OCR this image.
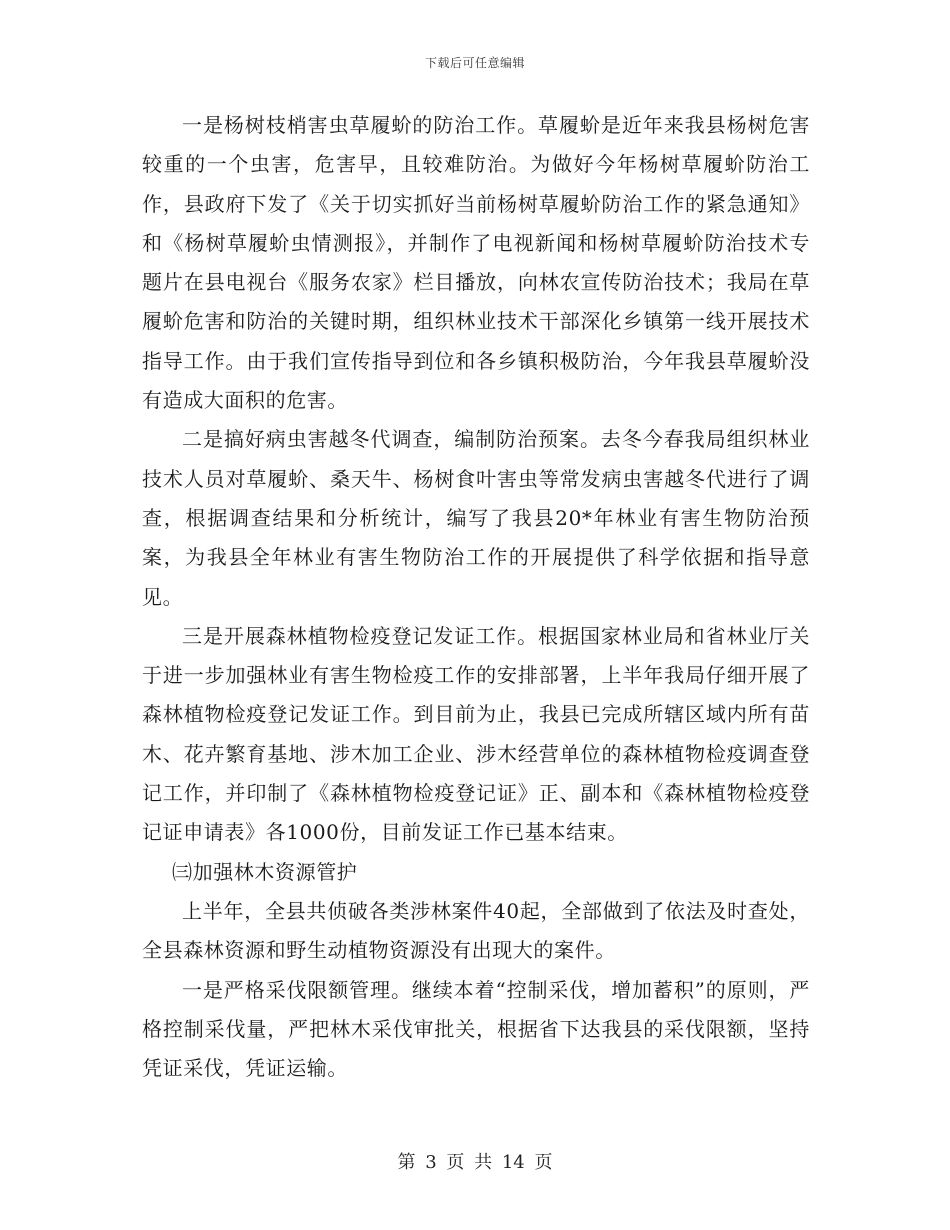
下载后可任意编辑

一是杨树枝梢害虫草履蚧的防治工作。草履蚧是近年来我县杨树危害较重的一个虫害，危害早，且较难防治。为做好今年杨树草履蚧防治工作，县政府下发了《关于切实抓好当前杨树草履蚧防治工作的紧急通知》和《杨树草履蚧虫情测报》，并制作了电视新闻和杨树草履蚧防治技术专题片在县电视台《服务农家》栏目播放，向林农宣传防治技术；我局在草履蚧危害和防治的关键时期，组织林业技术干部深化乡镇第一线开展技术指导工作。由于我们宣传指导到位和各乡镇积极防治，今年我县草履蚧没有造成大面积的危害。

二是搞好病虫害越冬代调查，编制防治预案。去冬今春我局组织林业技术人员对草履蚧、桑天牛、杨树食叶害虫等常发病虫害越冬代进行了调查，根据调查结果和分析统计，编写了我县20*年林业有害生物防治预案，为我县全年林业有害生物防治工作的开展提供了科学依据和指导意见。

三是开展森林植物检疫登记发证工作。根据国家林业局和省林业厅关于进一步加强林业有害生物检疫工作的安排部署，上半年我局仔细开展了森林植物检疫登记发证工作。到目前为止，我县已完成所辖区域内所有苗木、花卉繁育基地、涉木加工企业、涉木经营单位的森林植物检疫调查登记工作，并印制了《森林植物检疫登记证》正、副本和《森林植物检疫登记证申请表》各1000份，目前发证工作已基本结束。

㈢加强林木资源管护

上半年，全县共侦破各类涉林案件40起，全部做到了依法及时查处，全县森林资源和野生动植物资源没有出现大的案件。

一是严格采伐限额管理。继续本着“控制采伐，增加蓄积”的原则，严格控制采伐量，严把林木采伐审批关，根据省下达我县的采伐限额，坚持凭证采伐，凭证运输。

第 3 页 共 14 页
